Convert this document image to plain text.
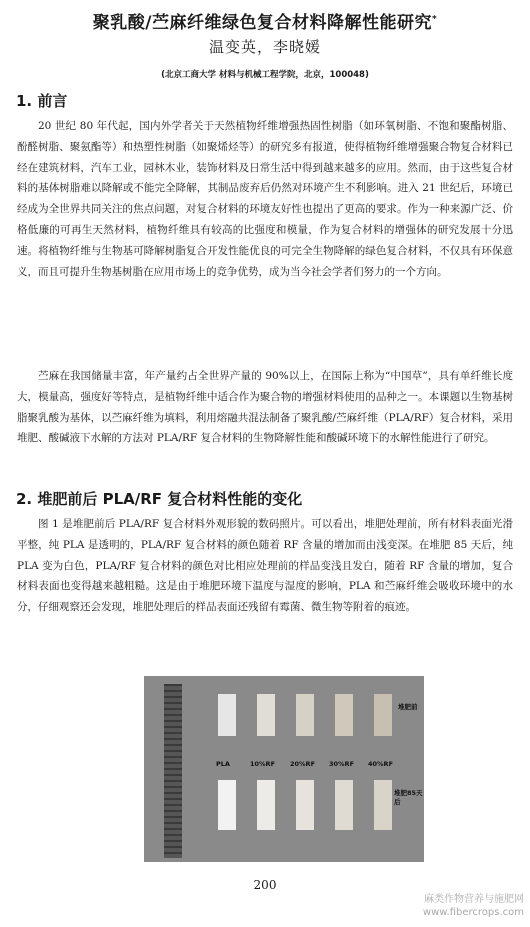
聚乳酸/苎麻纤维绿色复合材料降解性能研究*
温变英，李晓媛
(北京工商大学 材料与机械工程学院，北京，100048)
1. 前言
20 世纪 80 年代起，国内外学者关于天然植物纤维增强热固性树脂（如环氧树脂、不饱和聚酯树脂、酚醛树脂、聚氨酯等）和热塑性树脂（如聚烯烃等）的研究多有报道，使得植物纤维增强聚合物复合材料已经在建筑材料，汽车工业，园林木业，装饰材料及日常生活中得到越来越多的应用。然而，由于这些复合材料的基体树脂难以降解或不能完全降解，其制品废弃后仍然对环境产生不利影响。进入 21 世纪后，环境已经成为全世界共同关注的焦点问题，对复合材料的环境友好性也提出了更高的要求。作为一种来源广泛、价格低廉的可再生天然材料，植物纤维具有较高的比强度和模量，作为复合材料的增强体的研究发展十分迅速。将植物纤维与生物基可降解树脂复合开发性能优良的可完全生物降解的绿色复合材料，不仅具有环保意义，而且可提升生物基树脂在应用市场上的竞争优势，成为当今社会学者们努力的一个方向。
苎麻在我国储量丰富，年产量约占全世界产量的 90%以上，在国际上称为“中国草”，具有单纤维长度大，模量高，强度好等特点，是植物纤维中适合作为聚合物的增强材料使用的品种之一。本课题以生物基树脂聚乳酸为基体，以苎麻纤维为填料，利用熔融共混法制备了聚乳酸/苎麻纤维（PLA/RF）复合材料，采用堆肥、酸碱液下水解的方法对 PLA/RF 复合材料的生物降解性能和酸碱环境下的水解性能进行了研究。
2. 堆肥前后 PLA/RF 复合材料性能的变化
图 1 是堆肥前后 PLA/RF 复合材料外观形貌的数码照片。可以看出，堆肥处理前，所有材料表面光滑平整，纯 PLA 是透明的，PLA/RF 复合材料的颜色随着 RF 含量的增加而由浅变深。在堆肥 85 天后，纯 PLA 变为白色，PLA/RF 复合材料的颜色对比相应处理前的样品变浅且发白，随着 RF 含量的增加，复合材料表面也变得越来越粗糙。这是由于堆肥环境下温度与湿度的影响，PLA 和苎麻纤维会吸收环境中的水分，仔细观察还会发现，堆肥处理后的样品表面还残留有霉菌、微生物等附着的痕迹。
堆肥前
PLA	10%RF 20%RF 30%RF 40%RF
堆肥85天后
200
麻类作物营养与施肥网
www.fibercrops.com
